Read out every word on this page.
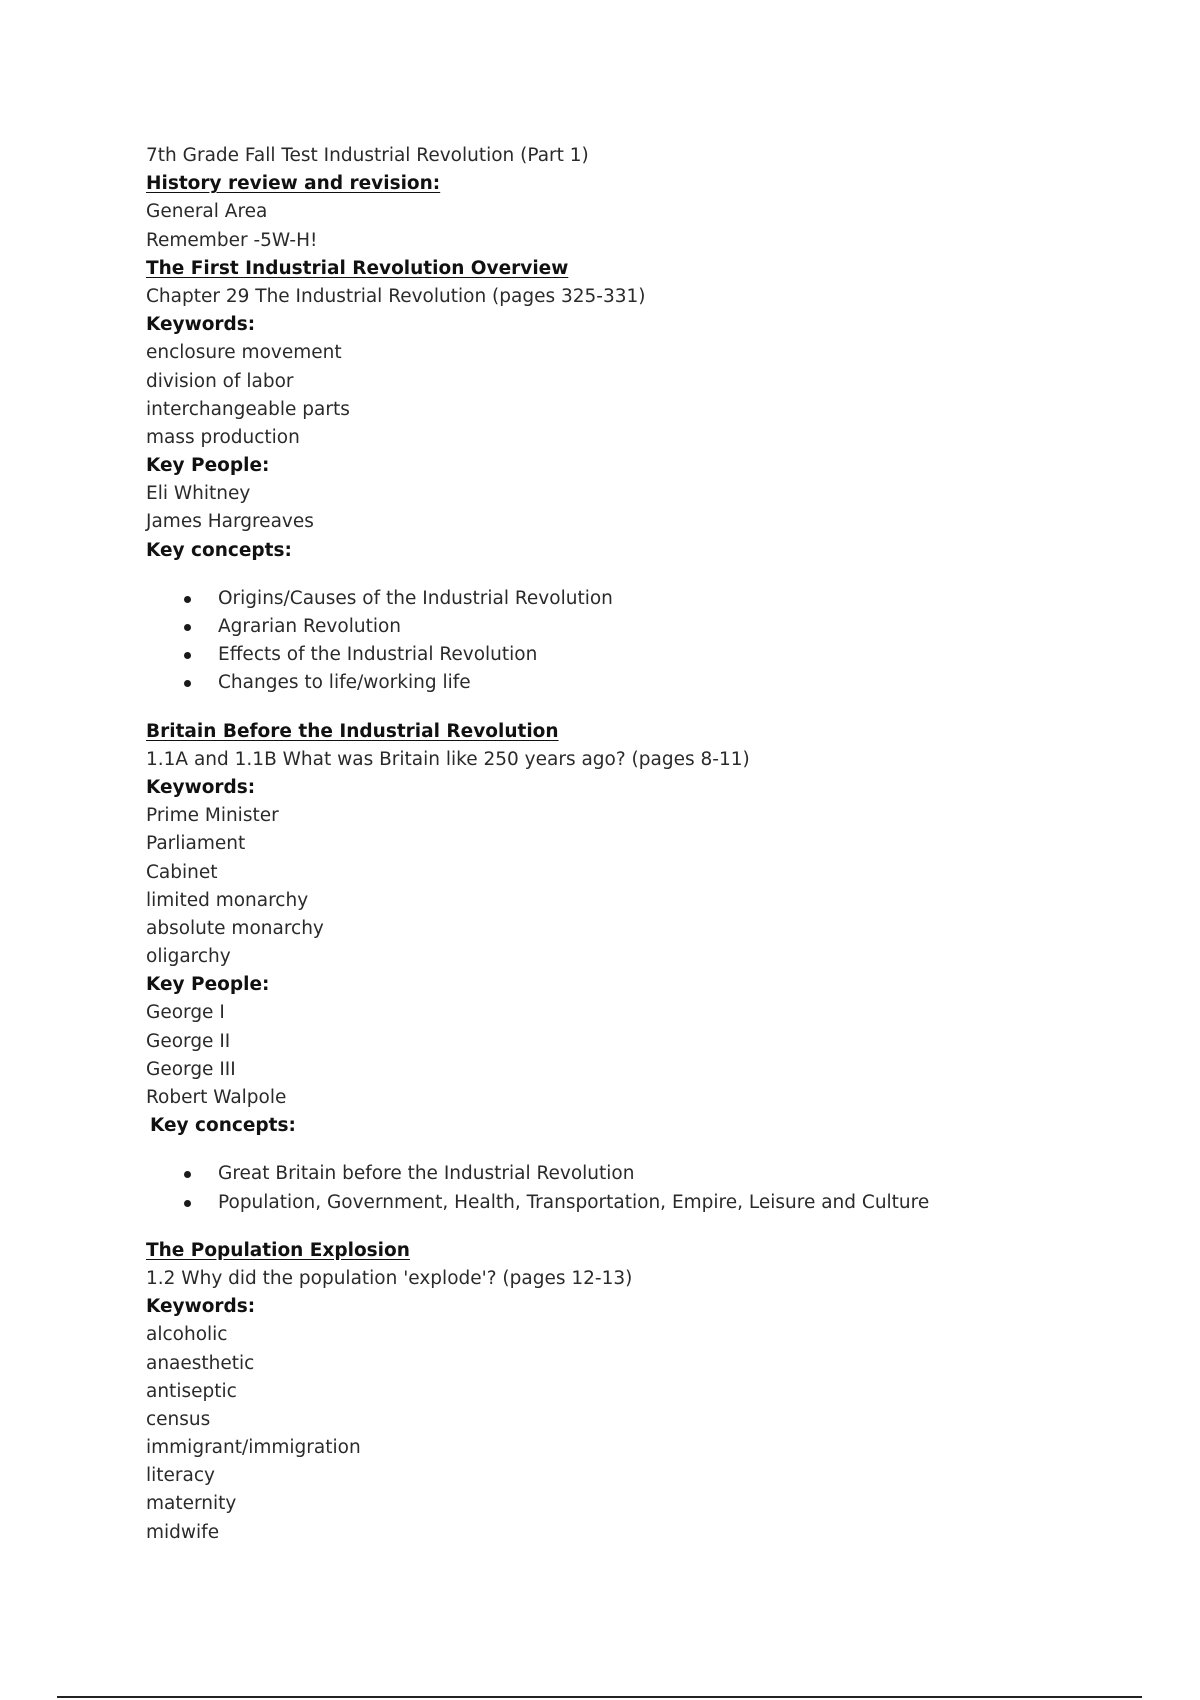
7th Grade Fall Test Industrial Revolution (Part 1)
History review and revision:
General Area
Remember -5W-H!
The First Industrial Revolution Overview
Chapter 29 The Industrial Revolution (pages 325-331)
Keywords:
enclosure movement
division of labor
interchangeable parts
mass production
Key People:
Eli Whitney
James Hargreaves
Key concepts:
Origins/Causes of the Industrial Revolution
Agrarian Revolution
Effects of the Industrial Revolution
Changes to life/working life
Britain Before the Industrial Revolution
1.1A and 1.1B What was Britain like 250 years ago? (pages 8-11)
Keywords:
Prime Minister
Parliament
Cabinet
limited monarchy
absolute monarchy
oligarchy
Key People:
George I
George II
George III
Robert Walpole
Key concepts:
Great Britain before the Industrial Revolution
Population, Government, Health, Transportation, Empire, Leisure and Culture
The Population Explosion
1.2 Why did the population 'explode'? (pages 12-13)
Keywords:
alcoholic
anaesthetic
antiseptic
census
immigrant/immigration
literacy
maternity
midwife
